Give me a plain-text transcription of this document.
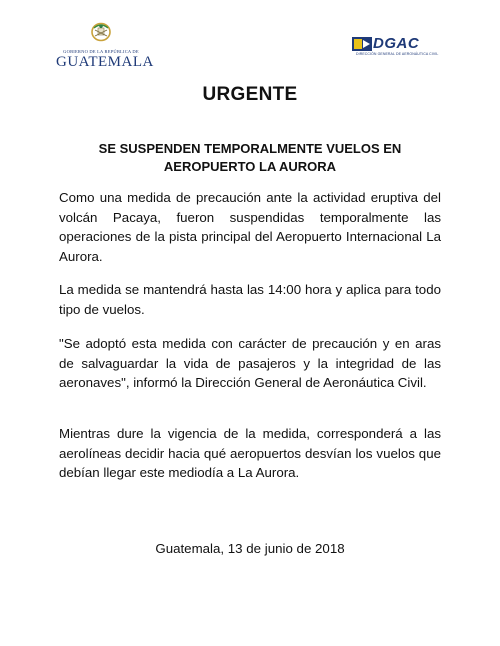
GOBIERNO DE LA REPÚBLICA DE
GUATEMALA
DGAC
DIRECCIÓN GENERAL DE AERONÁUTICA CIVIL
URGENTE
SE SUSPENDEN TEMPORALMENTE VUELOS EN
AEROPUERTO LA AURORA

Como una medida de precaución ante la actividad eruptiva del volcán Pacaya, fueron suspendidas temporalmente las operaciones de la pista principal del Aeropuerto Internacional La Aurora.

La medida se mantendrá hasta las 14:00 hora y aplica para todo tipo de vuelos.

"Se adoptó esta medida con carácter de precaución y en aras de salvaguardar la vida de pasajeros y la integridad de las aeronaves", informó la Dirección General de Aeronáutica Civil.

Mientras dure la vigencia de la medida, corresponderá a las aerolíneas decidir hacia qué aeropuertos desvían los vuelos que debían llegar este mediodía a La Aurora.

Guatemala, 13 de junio de 2018
